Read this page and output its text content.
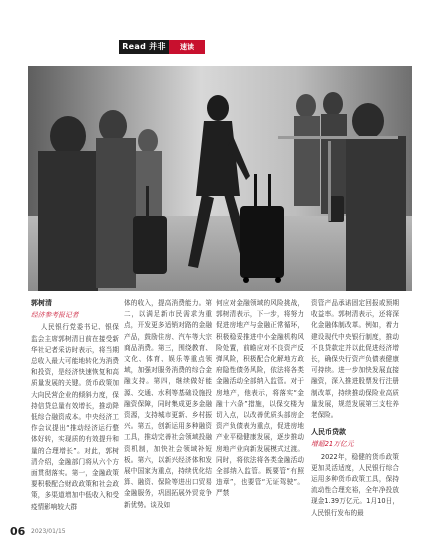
Read 并非	速读
郭树清
经济参考报记者

人民银行党委书记、银保监会主席郭树清日前在接受新华社记者采访时表示，将当期总收入最大可能地转化为消费和投资，是经济快速恢复和高质量发展的关键。货币政策加大向民营企业的倾斜力度，保持信贷总量有效增长，推动降低综合融资成本。中央经济工作会议提出“推动经济运行整体好转，实现质的有效提升和量的合理增长”。对此，郭树清介绍，金融部门将从六个方面贯彻落实。第一，金融政策要积极配合财政政策和社会政策，多渠道增加中低收入和受疫情影响较大群

体的收入，提高消费能力。第二，以满足新市民需求为重点，开发更多适销对路的金融产品，鼓励住房、汽车等大宗商品消费。第三，围绕教育、文化、体育、娱乐等重点领域，加强对服务消费的综合金融支持。第四，继续做好能源、交通、水利等基础设施投融资保障，同时集成更多金融资源，支持城市更新、乡村振兴。第五，创新运用多种融资工具，推动完善社会领域投融资机制，加快社会领域补短板。第六，以新兴经济体和发展中国家为重点，持续优化结算、融资、保险等进出口贸易金融服务，巩固拓展外贸竞争新优势。谈及如

何应对金融领域的风险挑战，郭树清表示，下一步，将努力促进房地产与金融正常循环，积极稳妥推进中小金融机构风险处置，前瞻应对不良资产反弹风险，积极配合化解地方政府隐性债务风险，依法将各类金融活动全部纳入监管。对于房地产，他表示，将落实“金融十六条”措施，以保交楼为切入点，以改善优质头部房企资产负债表为重点，促进房地产业平稳健康发展，逐步推动房地产业向新发展模式过渡。同时，将依法将各类金融活动全部纳入监管。既要管“有照违章”，也要管“无证驾驶”。严禁

资管产品承诺固定回报或预期收益率。郭树清表示，还将深化金融体制改革。例如，着力建设现代中央银行制度，推动不良贷款定并以此促进经济增长，确保央行资产负债表健康可持续。进一步加快发展直接融资，深入推进股票发行注册制改革，持续推动保险业高质量发展，规范发展第三支柱养老保险。

人民币贷款
增超21万亿元

2022年，稳健的货币政策更加灵活适度，人民银行综合运用多种货币政策工具，保持流动性合理充裕，全年净投放现金1.39万亿元。1月10日，人民银行发布的最

06 2023/01/15
